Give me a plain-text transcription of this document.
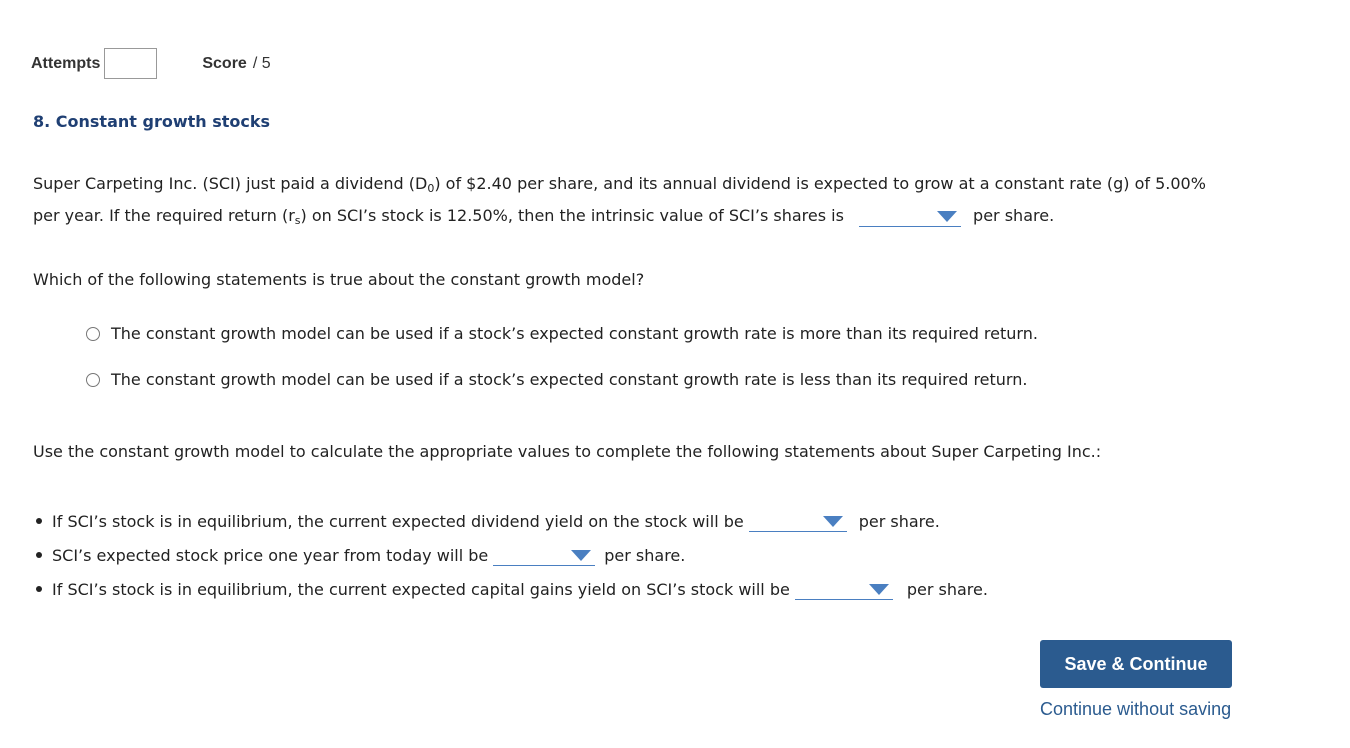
Attempts	Score / 5
8. Constant growth stocks
Super Carpeting Inc. (SCI) just paid a dividend $(D_0)$ of $2.40 per share, and its annual dividend is expected to grow at a constant rate (g) of 5.00%
per year. If the required return $(r_s)$ on SCI’s stock is 12.50%, then the intrinsic value of SCI’s shares is	per share.
Which of the following statements is true about the constant growth model?
The constant growth model can be used if a stock’s expected constant growth rate is more than its required return.
The constant growth model can be used if a stock’s expected constant growth rate is less than its required return.
Use the constant growth model to calculate the appropriate values to complete the following statements about Super Carpeting Inc.:
If SCI’s stock is in equilibrium, the current expected dividend yield on the stock will be	per share.
SCI’s expected stock price one year from today will be	per share.
If SCI’s stock is in equilibrium, the current expected capital gains yield on SCI’s stock will be	per share.
Save & Continue
Continue without saving
